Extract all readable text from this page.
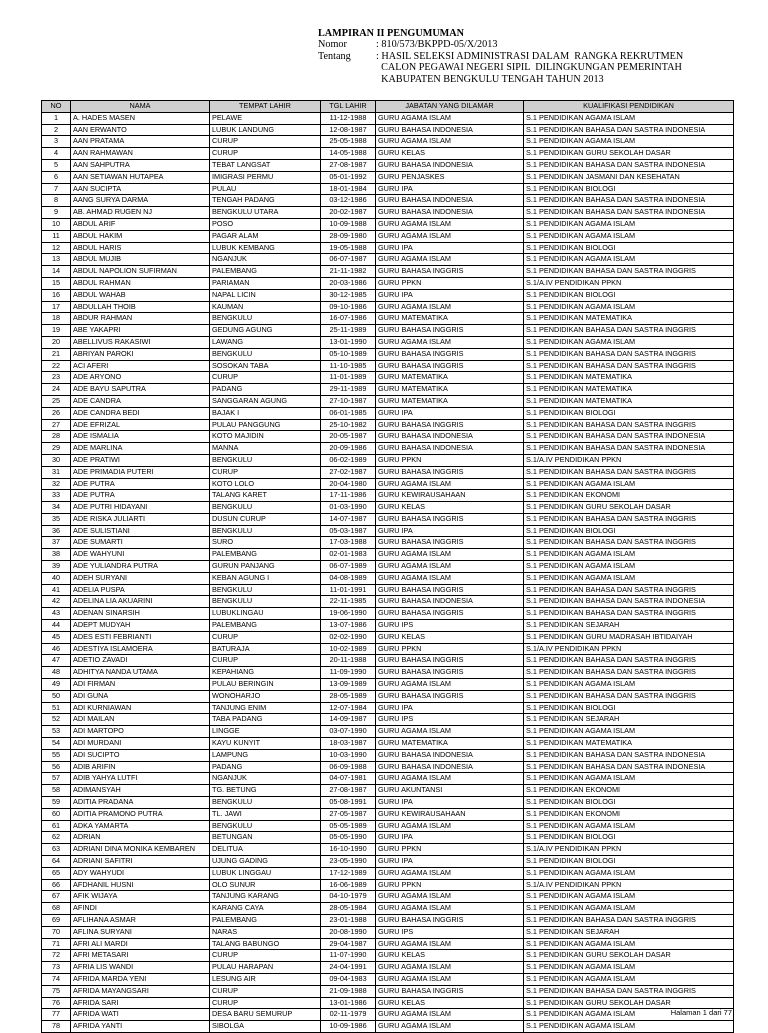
LAMPIRAN II PENGUMUMAN
Nomor	: 810/573/BKPPD-05/X/2013
Tentang	: HASIL SELEKSI ADMINISTRASI DALAM  RANGKA REKRUTMEN
CALON PEGAWAI NEGERI SIPIL  DILINGKUNGAN PEMERINTAH
KABUPATEN BENGKULU TENGAH TAHUN 2013
NO	NAMA	TEMPAT LAHIR	TGL LAHIR	JABATAN YANG DILAMAR	KUALIFIKASI PENDIDIKAN
1	A. HADES MASEN	PELAWE	11-12-1988	GURU AGAMA ISLAM	S.1 PENDIDIKAN AGAMA ISLAM
2	AAN ERWANTO	LUBUK LANDUNG	12-08-1987	GURU BAHASA INDONESIA	S.1 PENDIDIKAN BAHASA DAN SASTRA INDONESIA
3	AAN PRATAMA	CURUP	25-05-1988	GURU AGAMA ISLAM	S.1 PENDIDIKAN AGAMA ISLAM
4	AAN RAHMAWAN	CURUP	14-05-1988	GURU KELAS	S.1 PENDIDIKAN GURU SEKOLAH DASAR
5	AAN SAHPUTRA	TEBAT LANGSAT	27-08-1987	GURU BAHASA INDONESIA	S.1 PENDIDIKAN BAHASA DAN SASTRA INDONESIA
6	AAN SETIAWAN HUTAPEA	IMIGRASI PERMU	05-01-1992	GURU PENJASKES	S.1 PENDIDIKAN JASMANI DAN KESEHATAN
7	AAN SUCIPTA	PULAU	18-01-1984	GURU IPA	S.1 PENDIDIKAN BIOLOGI
8	AANG SURYA DARMA	TENGAH PADANG	03-12-1986	GURU BAHASA INDONESIA	S.1 PENDIDIKAN BAHASA DAN SASTRA INDONESIA
9	AB. AHMAD RUGEN NJ	BENGKULU UTARA	20-02-1987	GURU BAHASA INDONESIA	S.1 PENDIDIKAN BAHASA DAN SASTRA INDONESIA
10	ABDUL ARIF	POSO	10-09-1988	GURU AGAMA ISLAM	S.1 PENDIDIKAN AGAMA ISLAM
11	ABDUL HAKIM	PAGAR ALAM	28-09-1980	GURU AGAMA ISLAM	S.1 PENDIDIKAN AGAMA ISLAM
12	ABDUL HARIS	LUBUK KEMBANG	19-05-1988	GURU IPA	S.1 PENDIDIKAN BIOLOGI
13	ABDUL MUJIB	NGANJUK	06-07-1987	GURU AGAMA ISLAM	S.1 PENDIDIKAN AGAMA ISLAM
14	ABDUL NAPOLION SUFIRMAN	PALEMBANG	21-11-1982	GURU BAHASA INGGRIS	S.1 PENDIDIKAN BAHASA DAN SASTRA INGGRIS
15	ABDUL RAHMAN	PARIAMAN	20-03-1986	GURU PPKN	S.1/A.IV PENDIDIKAN PPKN
16	ABDUL WAHAB	NAPAL LICIN	30-12-1985	GURU IPA	S.1 PENDIDIKAN BIOLOGI
17	ABDULLAH THOIB	KAUMAN	09-10-1986	GURU AGAMA ISLAM	S.1 PENDIDIKAN AGAMA ISLAM
18	ABDUR RAHMAN	BENGKULU	16-07-1986	GURU MATEMATIKA	S.1 PENDIDIKAN MATEMATIKA
19	ABE YAKAPRI	GEDUNG AGUNG	25-11-1989	GURU BAHASA INGGRIS	S.1 PENDIDIKAN BAHASA DAN SASTRA INGGRIS
20	ABELLIVUS RAKASIWI	LAWANG	13-01-1990	GURU AGAMA ISLAM	S.1 PENDIDIKAN AGAMA ISLAM
21	ABRIYAN PAROKI	BENGKULU	05-10-1989	GURU BAHASA INGGRIS	S.1 PENDIDIKAN BAHASA DAN SASTRA INGGRIS
22	ACI AFERI	SOSOKAN TABA	11-10-1985	GURU BAHASA INGGRIS	S.1 PENDIDIKAN BAHASA DAN SASTRA INGGRIS
23	ADE ARYONO	CURUP	11-01-1989	GURU MATEMATIKA	S.1 PENDIDIKAN MATEMATIKA
24	ADE BAYU SAPUTRA	PADANG	29-11-1989	GURU MATEMATIKA	S.1 PENDIDIKAN MATEMATIKA
25	ADE CANDRA	SANGGARAN AGUNG	27-10-1987	GURU MATEMATIKA	S.1 PENDIDIKAN MATEMATIKA
26	ADE CANDRA BEDI	BAJAK I	06-01-1985	GURU IPA	S.1 PENDIDIKAN BIOLOGI
27	ADE EFRIZAL	PULAU PANGGUNG	25-10-1982	GURU BAHASA INGGRIS	S.1 PENDIDIKAN BAHASA DAN SASTRA INGGRIS
28	ADE ISMALIA	KOTO MAJIDIN	20-05-1987	GURU BAHASA INDONESIA	S.1 PENDIDIKAN BAHASA DAN SASTRA INDONESIA
29	ADE MARLINA	MANNA	20-09-1986	GURU BAHASA INDONESIA	S.1 PENDIDIKAN BAHASA DAN SASTRA INDONESIA
30	ADE PRATIWI	BENGKULU	06-02-1989	GURU PPKN	S.1/A.IV PENDIDIKAN PPKN
31	ADE PRIMADIA PUTERI	CURUP	27-02-1987	GURU BAHASA INGGRIS	S.1 PENDIDIKAN BAHASA DAN SASTRA INGGRIS
32	ADE PUTRA	KOTO LOLO	20-04-1980	GURU AGAMA ISLAM	S.1 PENDIDIKAN AGAMA ISLAM
33	ADE PUTRA	TALANG KARET	17-11-1986	GURU KEWIRAUSAHAAN	S.1 PENDIDIKAN EKONOMI
34	ADE PUTRI HIDAYANI	BENGKULU	01-03-1990	GURU KELAS	S.1 PENDIDIKAN GURU SEKOLAH DASAR
35	ADE RISKA JULIARTI	DUSUN CURUP	14-07-1987	GURU BAHASA INGGRIS	S.1 PENDIDIKAN BAHASA DAN SASTRA INGGRIS
36	ADE SULISTIANI	BENGKULU	05-03-1987	GURU IPA	S.1 PENDIDIKAN BIOLOGI
37	ADE SUMARTI	SURO	17-03-1988	GURU BAHASA INGGRIS	S.1 PENDIDIKAN BAHASA DAN SASTRA INGGRIS
38	ADE WAHYUNI	PALEMBANG	02-01-1983	GURU AGAMA ISLAM	S.1 PENDIDIKAN AGAMA ISLAM
39	ADE YULIANDRA PUTRA	GURUN PANJANG	06-07-1989	GURU AGAMA ISLAM	S.1 PENDIDIKAN AGAMA ISLAM
40	ADEH SURYANI	KEBAN AGUNG I	04-08-1989	GURU AGAMA ISLAM	S.1 PENDIDIKAN AGAMA ISLAM
41	ADELIA PUSPA	BENGKULU	11-01-1991	GURU BAHASA INGGRIS	S.1 PENDIDIKAN BAHASA DAN SASTRA INGGRIS
42	ADELINA LIA AKUARINI	BENGKULU	22-11-1985	GURU BAHASA INDONESIA	S.1 PENDIDIKAN BAHASA DAN SASTRA INDONESIA
43	ADENAN SINARSIH	LUBUKLINGAU	19-06-1990	GURU BAHASA INGGRIS	S.1 PENDIDIKAN BAHASA DAN SASTRA INGGRIS
44	ADEPT MUDYAH	PALEMBANG	13-07-1986	GURU IPS	S.1 PENDIDIKAN SEJARAH
45	ADES ESTI FEBRIANTI	CURUP	02-02-1990	GURU KELAS	S.1 PENDIDIKAN GURU MADRASAH IBTIDAIYAH
46	ADESTIYA ISLAMOERA	BATURAJA	10-02-1989	GURU PPKN	S.1/A.IV PENDIDIKAN PPKN
47	ADETIO ZAVADI	CURUP	20-11-1988	GURU BAHASA INGGRIS	S.1 PENDIDIKAN BAHASA DAN SASTRA INGGRIS
48	ADHITYA NANDA UTAMA	KEPAHIANG	11-09-1990	GURU BAHASA INGGRIS	S.1 PENDIDIKAN BAHASA DAN SASTRA INGGRIS
49	ADI FIRMAN	PULAU BERINGIN	13-09-1989	GURU AGAMA ISLAM	S.1 PENDIDIKAN AGAMA ISLAM
50	ADI GUNA	WONOHARJO	28-05-1989	GURU BAHASA INGGRIS	S.1 PENDIDIKAN BAHASA DAN SASTRA INGGRIS
51	ADI KURNIAWAN	TANJUNG ENIM	12-07-1984	GURU IPA	S.1 PENDIDIKAN BIOLOGI
52	ADI MAILAN	TABA PADANG	14-09-1987	GURU IPS	S.1 PENDIDIKAN SEJARAH
53	ADI MARTOPO	LINGGE	03-07-1990	GURU AGAMA ISLAM	S.1 PENDIDIKAN AGAMA ISLAM
54	ADI MURDANI	KAYU KUNYIT	18-03-1987	GURU MATEMATIKA	S.1 PENDIDIKAN MATEMATIKA
55	ADI SUCIPTO	LAMPUNG	10-03-1990	GURU BAHASA INDONESIA	S.1 PENDIDIKAN BAHASA DAN SASTRA INDONESIA
56	ADIB ARIFIN	PADANG	06-09-1988	GURU BAHASA INDONESIA	S.1 PENDIDIKAN BAHASA DAN SASTRA INDONESIA
57	ADIB YAHYA LUTFI	NGANJUK	04-07-1981	GURU AGAMA ISLAM	S.1 PENDIDIKAN AGAMA ISLAM
58	ADIMANSYAH	TG. BETUNG	27-08-1987	GURU AKUNTANSI	S.1 PENDIDIKAN EKONOMI
59	ADITIA PRADANA	BENGKULU	05-08-1991	GURU IPA	S.1 PENDIDIKAN BIOLOGI
60	ADITIA PRAMONO PUTRA	TL. JAWI	27-05-1987	GURU KEWIRAUSAHAAN	S.1 PENDIDIKAN EKONOMI
61	ADKA YAMARTA	BENGKULU	05-05-1989	GURU AGAMA ISLAM	S.1 PENDIDIKAN AGAMA ISLAM
62	ADRIAN	BETUNGAN	05-05-1990	GURU IPA	S.1 PENDIDIKAN BIOLOGI
63	ADRIANI DINA MONIKA KEMBAREN	DELITUA	16-10-1990	GURU PPKN	S.1/A.IV PENDIDIKAN PPKN
64	ADRIANI SAFITRI	UJUNG GADING	23-05-1990	GURU IPA	S.1 PENDIDIKAN BIOLOGI
65	ADY WAHYUDI	LUBUK LINGGAU	17-12-1989	GURU AGAMA ISLAM	S.1 PENDIDIKAN AGAMA ISLAM
66	AFDHANIL HUSNI	OLO SUNUR	16-06-1989	GURU PPKN	S.1/A.IV PENDIDIKAN PPKN
67	AFIK WIJAYA	TANJUNG KARANG	04-10-1979	GURU AGAMA ISLAM	S.1 PENDIDIKAN AGAMA ISLAM
68	AFINDI	KARANG CAYA	28-05-1984	GURU AGAMA ISLAM	S.1 PENDIDIKAN AGAMA ISLAM
69	AFLIHANA ASMAR	PALEMBANG	23-01-1988	GURU BAHASA INGGRIS	S.1 PENDIDIKAN BAHASA DAN SASTRA INGGRIS
70	AFLINA SURYANI	NARAS	20-08-1990	GURU IPS	S.1 PENDIDIKAN SEJARAH
71	AFRI ALI MARDI	TALANG BABUNGO	29-04-1987	GURU AGAMA ISLAM	S.1 PENDIDIKAN AGAMA ISLAM
72	AFRI METASARI	CURUP	11-07-1990	GURU KELAS	S.1 PENDIDIKAN GURU SEKOLAH DASAR
73	AFRIA LIS WANDI	PULAU HARAPAN	24-04-1991	GURU AGAMA ISLAM	S.1 PENDIDIKAN AGAMA ISLAM
74	AFRIDA MARDA YENI	LESUNG AIR	09-04-1983	GURU AGAMA ISLAM	S.1 PENDIDIKAN AGAMA ISLAM
75	AFRIDA MAYANGSARI	CURUP	21-09-1988	GURU BAHASA INGGRIS	S.1 PENDIDIKAN BAHASA DAN SASTRA INGGRIS
76	AFRIDA SARI	CURUP	13-01-1986	GURU KELAS	S.1 PENDIDIKAN GURU SEKOLAH DASAR
77	AFRIDA WATI	DESA BARU SEMURUP	02-11-1979	GURU AGAMA ISLAM	S.1 PENDIDIKAN AGAMA ISLAM
78	AFRIDA YANTI	SIBOLGA	10-09-1986	GURU AGAMA ISLAM	S.1 PENDIDIKAN AGAMA ISLAM
Halaman 1 dari 77
